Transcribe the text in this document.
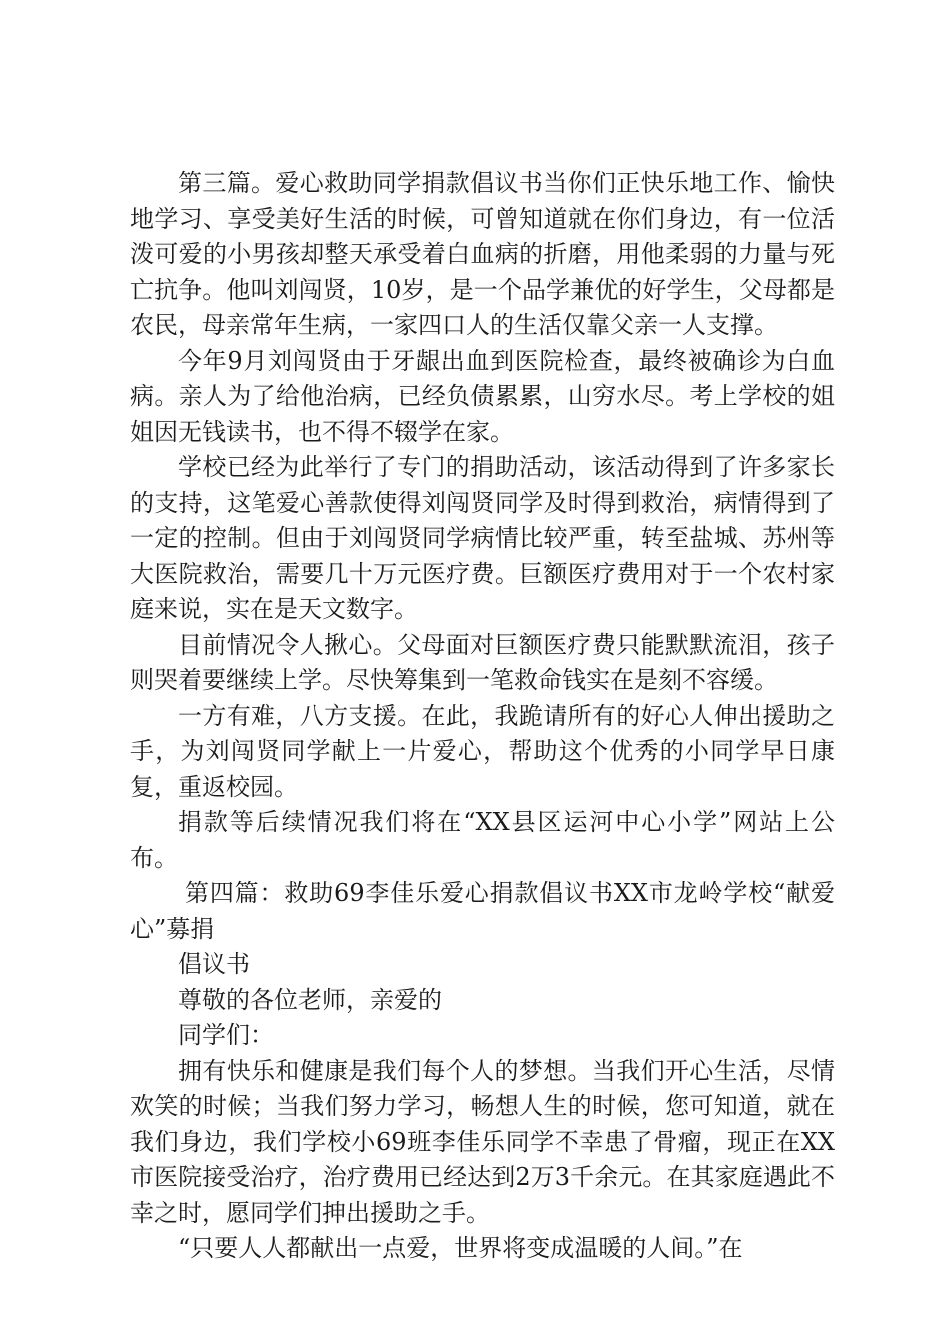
第三篇。爱心救助同学捐款倡议书当你们正快乐地工作、愉快地学习、享受美好生活的时候，可曾知道就在你们身边，有一位活泼可爱的小男孩却整天承受着白血病的折磨，用他柔弱的力量与死亡抗争。他叫刘闯贤，10岁，是一个品学兼优的好学生，父母都是农民，母亲常年生病，一家四口人的生活仅靠父亲一人支撑。

今年9月刘闯贤由于牙龈出血到医院检查，最终被确诊为白血病。亲人为了给他治病，已经负债累累，山穷水尽。考上学校的姐姐因无钱读书，也不得不辍学在家。

学校已经为此举行了专门的捐助活动，该活动得到了许多家长的支持，这笔爱心善款使得刘闯贤同学及时得到救治，病情得到了一定的控制。但由于刘闯贤同学病情比较严重，转至盐城、苏州等大医院救治，需要几十万元医疗费。巨额医疗费用对于一个农村家庭来说，实在是天文数字。

目前情况令人揪心。父母面对巨额医疗费只能默默流泪，孩子则哭着要继续上学。尽快筹集到一笔救命钱实在是刻不容缓。

一方有难，八方支援。在此，我跪请所有的好心人伸出援助之手，为刘闯贤同学献上一片爱心，帮助这个优秀的小同学早日康复，重返校园。

捐款等后续情况我们将在“XX县区运河中心小学”网站上公布。

第四篇：救助69李佳乐爱心捐款倡议书XX市龙岭学校“献爱心”募捐

倡议书

尊敬的各位老师，亲爱的

同学们：

拥有快乐和健康是我们每个人的梦想。当我们开心生活，尽情欢笑的时候；当我们努力学习，畅想人生的时候，您可知道，就在我们身边，我们学校小69班李佳乐同学不幸患了骨瘤，现正在XX市医院接受治疗，治疗费用已经达到2万3千余元。在其家庭遇此不幸之时，愿同学们抻出援助之手。

“只要人人都献出一点爱，世界将变成温暖的人间。”在
